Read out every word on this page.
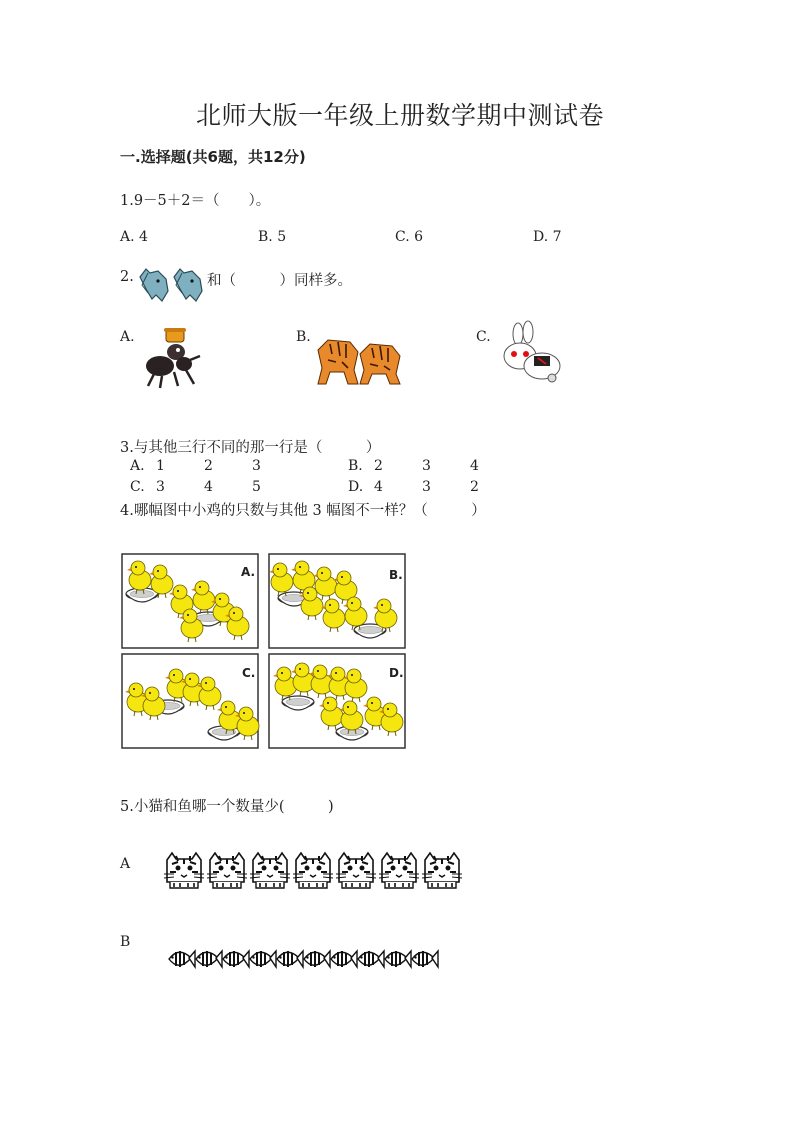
北师大版一年级上册数学期中测试卷
一.选择题(共6题，共12分)
1.9－5＋2＝（　　）。
A. 4	B. 5	C. 6	D. 7
2.	和（　　　）同样多。
A.	B.	C.
3.与其他三行不同的那一行是（　　　）
A. 1	2	3	B. 2	3	4
C. 3	4	5	D. 4	3	2
4.哪幅图中小鸡的只数与其他 3 幅图不一样？（　　　）
A.	B.
C.	D.
5.小猫和鱼哪一个数量少(　　　)
A
B
